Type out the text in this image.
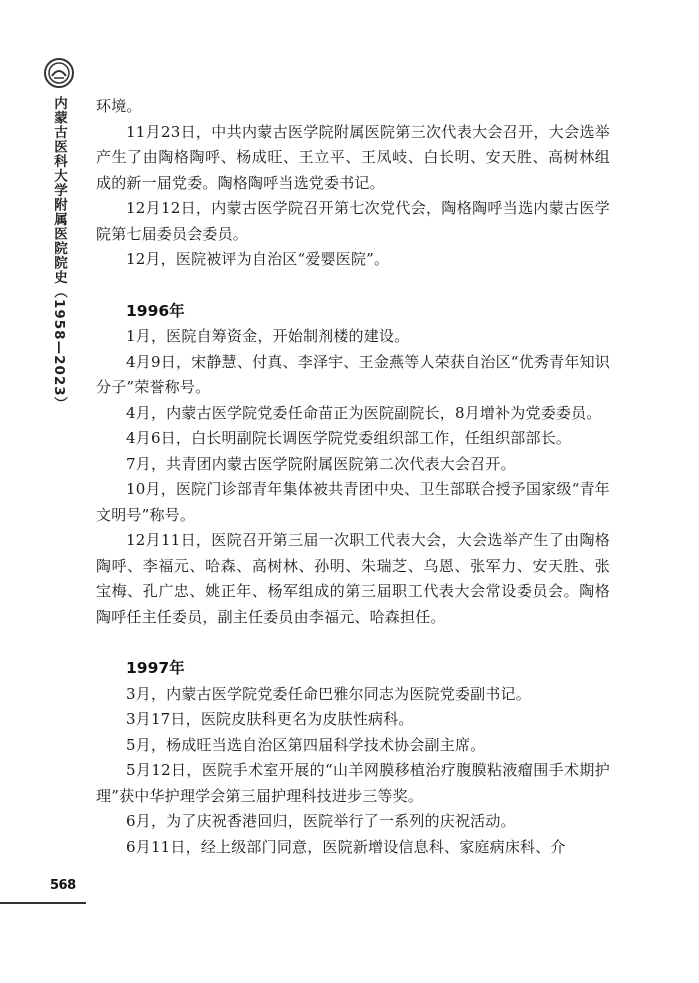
内蒙古医科大学附属医院院史（1958—2023）
568

环境。

11月23日，中共内蒙古医学院附属医院第三次代表大会召开，大会选举产生了由陶格陶呼、杨成旺、王立平、王凤岐、白长明、安天胜、高树林组成的新一届党委。陶格陶呼当选党委书记。

12月12日，内蒙古医学院召开第七次党代会，陶格陶呼当选内蒙古医学院第七届委员会委员。

12月，医院被评为自治区“爱婴医院”。

1996年

1月，医院自筹资金，开始制剂楼的建设。

4月9日，宋静慧、付真、李泽宇、王金燕等人荣获自治区“优秀青年知识分子”荣誉称号。

4月，内蒙古医学院党委任命苗正为医院副院长，8月增补为党委委员。

4月6日，白长明副院长调医学院党委组织部工作，任组织部部长。

7月，共青团内蒙古医学院附属医院第二次代表大会召开。

10月，医院门诊部青年集体被共青团中央、卫生部联合授予国家级“青年文明号”称号。

12月11日，医院召开第三届一次职工代表大会，大会选举产生了由陶格陶呼、李福元、哈森、高树林、孙明、朱瑞芝、乌恩、张军力、安天胜、张宝梅、孔广忠、姚正年、杨军组成的第三届职工代表大会常设委员会。陶格陶呼任主任委员，副主任委员由李福元、哈森担任。

1997年

3月，内蒙古医学院党委任命巴雅尔同志为医院党委副书记。

3月17日，医院皮肤科更名为皮肤性病科。

5月，杨成旺当选自治区第四届科学技术协会副主席。

5月12日，医院手术室开展的“山羊网膜移植治疗腹膜粘液瘤围手术期护理”获中华护理学会第三届护理科技进步三等奖。

6月，为了庆祝香港回归，医院举行了一系列的庆祝活动。

6月11日，经上级部门同意，医院新增设信息科、家庭病床科、介
